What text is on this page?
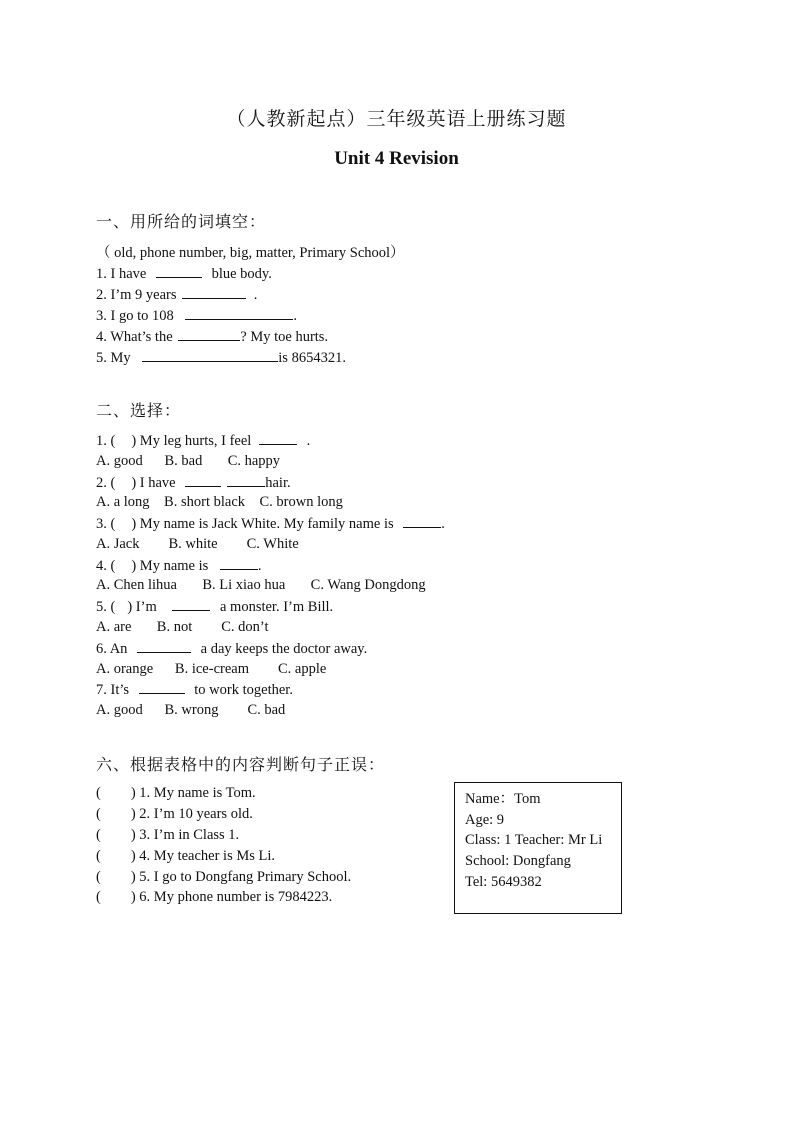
（人教新起点）三年级英语上册练习题
Unit 4 Revision
一、用所给的词填空：
（ old, phone number, big, matter, Primary School）
1. I have	blue body.
2. I’m 9 years	.
3. I go to 108	.
4. What’s the	? My toe hurts.
5. My	is 8654321.
二、选择：
1. ( ) My leg hurts, I feel	.
A. good      B. bad       C. happy
2. ( ) I have	hair.
A. a long    B. short black    C. brown long
3. ( ) My name is Jack White. My family name is	.
A. Jack        B. white        C. White
4. ( ) My name is	.
A. Chen lihua       B. Li xiao hua       C. Wang Dongdong
5. ( ) I’m	a monster. I’m Bill.
A. are       B. not        C. don’t
6. An	a day keeps the doctor away.
A. orange      B. ice-cream        C. apple
7. It’s	to work together.
A. good      B. wrong        C. bad
六、根据表格中的内容判断句子正误：
( ) 1. My name is Tom.
( ) 2. I’m 10 years old.
( ) 3. I’m in Class 1.
( ) 4. My teacher is Ms Li.
( ) 5. I go to Dongfang Primary School.
( ) 6. My phone number is 7984223.
Name：Tom
Age: 9
Class: 1 Teacher: Mr Li
School: Dongfang
Tel: 5649382
